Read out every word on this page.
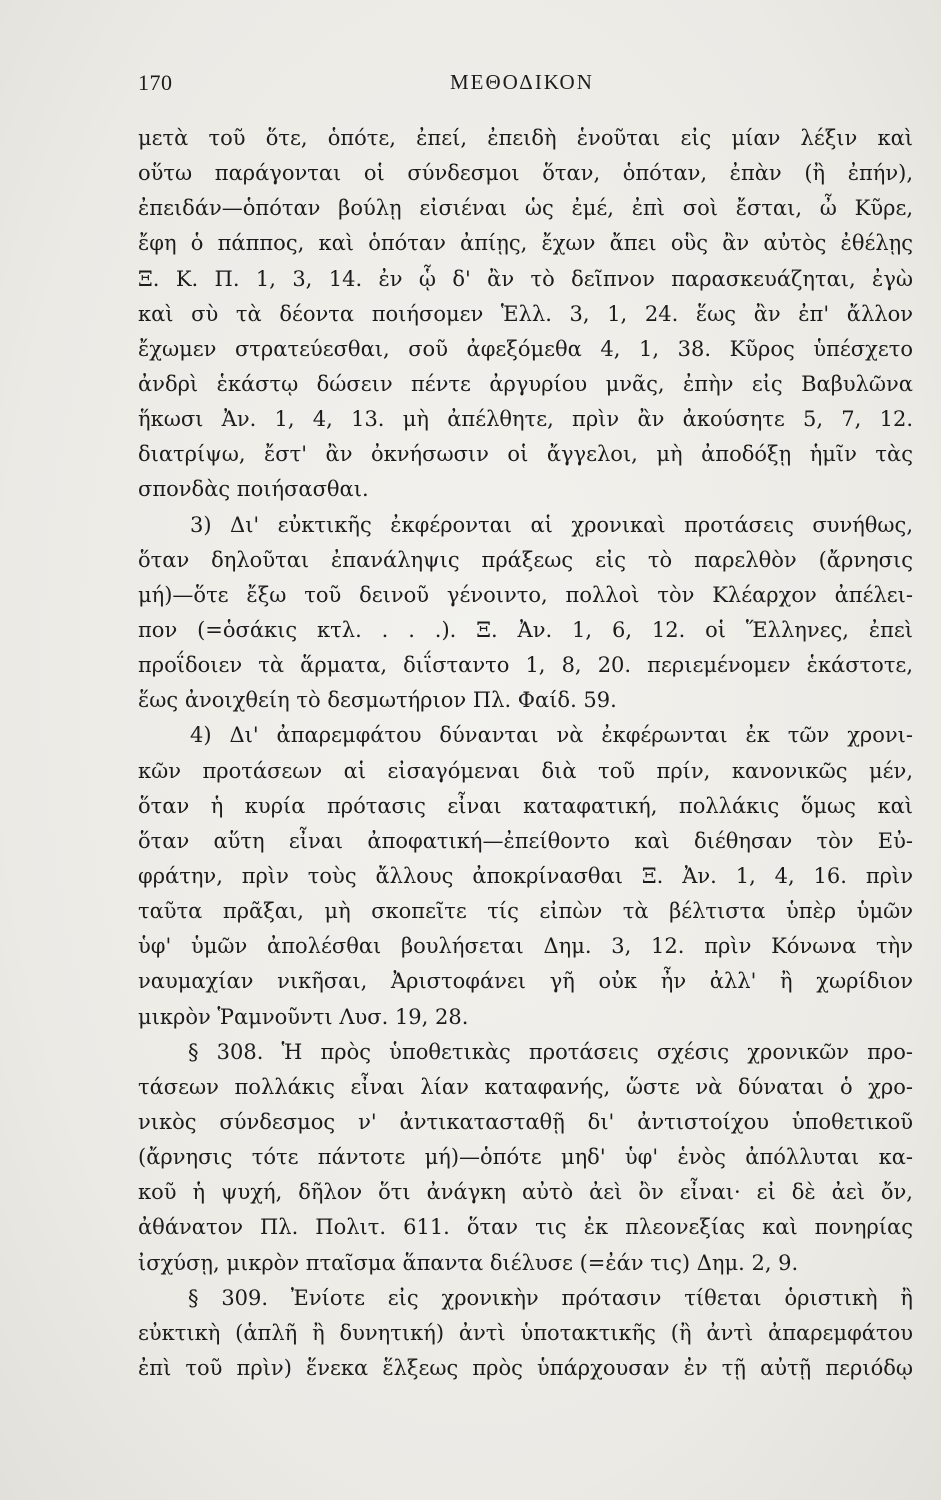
170	ΜΕΘΟΔΙΚΟΝ
μετὰ τοῦ ὅτε, ὁπότε, ἐπεί, ἐπειδὴ ἑνοῦται εἰς μίαν λέξιν καὶ
οὕτω παράγονται οἱ σύνδεσμοι ὅταν, ὁπόταν, ἐπὰν (ἢ ἐπήν),
ἐπειδάν—ὁπόταν βούλῃ εἰσιέναι ὡς ἐμέ, ἐπὶ σοὶ ἔσται, ὦ Κῦρε,
ἔφη ὁ πάππος, καὶ ὁπόταν ἀπίῃς, ἔχων ἄπει οὓς ἂν αὐτὸς ἐθέλῃς
Ξ. Κ. Π. 1, 3, 14. ἐν ᾧ δ' ἂν τὸ δεῖπνον παρασκευάζηται, ἐγὼ
καὶ σὺ τὰ δέοντα ποιήσομεν Ἑλλ. 3, 1, 24. ἕως ἂν ἐπ' ἄλλον
ἔχωμεν στρατεύεσθαι, σοῦ ἀφεξόμεθα 4, 1, 38. Κῦρος ὑπέσχετο
ἀνδρὶ ἑκάστῳ δώσειν πέντε ἀργυρίου μνᾶς, ἐπὴν εἰς Βαβυλῶνα
ἥκωσι Ἀν. 1, 4, 13. μὴ ἀπέλθητε, πρὶν ἂν ἀκούσητε 5, 7, 12.
διατρίψω, ἔστ' ἂν ὀκνήσωσιν οἱ ἄγγελοι, μὴ ἀποδόξῃ ἡμῖν τὰς
σπονδὰς ποιήσασθαι.
3) Δι' εὐκτικῆς ἐκφέρονται αἱ χρονικαὶ προτάσεις συνήθως,
ὅταν δηλοῦται ἐπανάληψις πράξεως εἰς τὸ παρελθὸν (ἄρνησις
μή)—ὅτε ἔξω τοῦ δεινοῦ γένοιντο, πολλοὶ τὸν Κλέαρχον ἀπέλει-
πον (=ὁσάκις κτλ. . . .). Ξ. Ἀν. 1, 6, 12. οἱ Ἕλληνες, ἐπεὶ
προΐδοιεν τὰ ἅρματα, διΐσταντο 1, 8, 20. περιεμένομεν ἑκάστοτε,
ἕως ἀνοιχθείη τὸ δεσμωτήριον Πλ. Φαίδ. 59.
4) Δι' ἀπαρεμφάτου δύνανται νὰ ἐκφέρωνται ἐκ τῶν χρονι-
κῶν προτάσεων αἱ εἰσαγόμεναι διὰ τοῦ πρίν, κανονικῶς μέν,
ὅταν ἡ κυρία πρότασις εἶναι καταφατική, πολλάκις ὅμως καὶ
ὅταν αὕτη εἶναι ἀποφατική—ἐπείθοντο καὶ διέθησαν τὸν Εὐ-
φράτην, πρὶν τοὺς ἄλλους ἀποκρίνασθαι Ξ. Ἀν. 1, 4, 16. πρὶν
ταῦτα πρᾶξαι, μὴ σκοπεῖτε τίς εἰπὼν τὰ βέλτιστα ὑπὲρ ὑμῶν
ὑφ' ὑμῶν ἀπολέσθαι βουλήσεται Δημ. 3, 12. πρὶν Κόνωνα τὴν
ναυμαχίαν νικῆσαι, Ἀριστοφάνει γῆ οὐκ ἦν ἀλλ' ἢ χωρίδιον
μικρὸν Ῥαμνοῦντι Λυσ. 19, 28.
§ 308. Ἡ πρὸς ὑποθετικὰς προτάσεις σχέσις χρονικῶν προ-
τάσεων πολλάκις εἶναι λίαν καταφανής, ὥστε νὰ δύναται ὁ χρο-
νικὸς σύνδεσμος ν' ἀντικατασταθῇ δι' ἀντιστοίχου ὑποθετικοῦ
(ἄρνησις τότε πάντοτε μή)—ὁπότε μηδ' ὑφ' ἑνὸς ἀπόλλυται κα-
κοῦ ἡ ψυχή, δῆλον ὅτι ἀνάγκη αὐτὸ ἀεὶ ὂν εἶναι· εἰ δὲ ἀεὶ ὄν,
ἀθάνατον Πλ. Πολιτ. 611. ὅταν τις ἐκ πλεονεξίας καὶ πονηρίας
ἰσχύσῃ, μικρὸν πταῖσμα ἅπαντα διέλυσε (=ἐάν τις) Δημ. 2, 9.
§ 309. Ἐνίοτε εἰς χρονικὴν πρότασιν τίθεται ὁριστικὴ ἢ
εὐκτικὴ (ἁπλῆ ἢ δυνητική) ἀντὶ ὑποτακτικῆς (ἢ ἀντὶ ἀπαρεμφάτου
ἐπὶ τοῦ πρὶν) ἕνεκα ἕλξεως πρὸς ὑπάρχουσαν ἐν τῇ αὐτῇ περιόδῳ
